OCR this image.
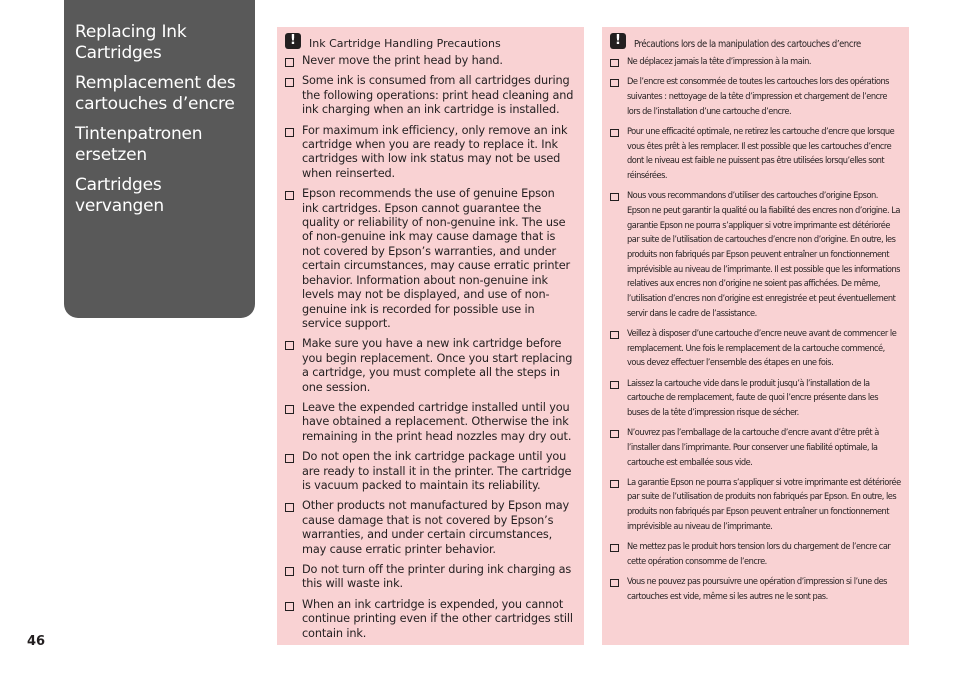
Replacing Ink Cartridges
Remplacement des cartouches d’encre
Tintenpatronen ersetzen
Cartridges vervangen
!	Ink Cartridge Handling Precautions
Never move the print head by hand.
Some ink is consumed from all cartridges during the following operations: print head cleaning and ink charging when an ink cartridge is installed.
For maximum ink efficiency, only remove an ink cartridge when you are ready to replace it. Ink cartridges with low ink status may not be used when reinserted.
Epson recommends the use of genuine Epson ink cartridges. Epson cannot guarantee the quality or reliability of non-genuine ink. The use of non-genuine ink may cause damage that is not covered by Epson’s warranties, and under certain circumstances, may cause erratic printer behavior. Information about non-genuine ink levels may not be displayed, and use of non-genuine ink is recorded for possible use in service support.
Make sure you have a new ink cartridge before you begin replacement. Once you start replacing a cartridge, you must complete all the steps in one session.
Leave the expended cartridge installed until you have obtained a replacement. Otherwise the ink remaining in the print head nozzles may dry out.
Do not open the ink cartridge package until you are ready to install it in the printer. The cartridge is vacuum packed to maintain its reliability.
Other products not manufactured by Epson may cause damage that is not covered by Epson’s warranties, and under certain circumstances, may cause erratic printer behavior.
Do not turn off the printer during ink charging as this will waste ink.
When an ink cartridge is expended, you cannot continue printing even if the other cartridges still contain ink.
!	Précautions lors de la manipulation des cartouches d’encre
Ne déplacez jamais la tête d’impression à la main.
De l’encre est consommée de toutes les cartouches lors des opérations suivantes : nettoyage de la tête d’impression et chargement de l’encre lors de l’installation d’une cartouche d’encre.
Pour une efficacité optimale, ne retirez les cartouche d’encre que lorsque vous êtes prêt à les remplacer. Il est possible que les cartouches d’encre dont le niveau est faible ne puissent pas être utilisées lorsqu’elles sont réinsérées.
Nous vous recommandons d’utiliser des cartouches d’origine Epson. Epson ne peut garantir la qualité ou la fiabilité des encres non d’origine. La garantie Epson ne pourra s’appliquer si votre imprimante est détériorée par suite de l’utilisation de cartouches d’encre non d’origine. En outre, les produits non fabriqués par Epson peuvent entraîner un fonctionnement imprévisible au niveau de l’imprimante. Il est possible que les informations relatives aux encres non d’origine ne soient pas affichées. De même, l’utilisation d’encres non d’origine est enregistrée et peut éventuellement servir dans le cadre de l’assistance.
Veillez à disposer d’une cartouche d’encre neuve avant de commencer le remplacement. Une fois le remplacement de la cartouche commencé, vous devez effectuer l’ensemble des étapes en une fois.
Laissez la cartouche vide dans le produit jusqu’à l’installation de la cartouche de remplacement, faute de quoi l’encre présente dans les buses de la tête d’impression risque de sécher.
N’ouvrez pas l’emballage de la cartouche d’encre avant d’être prêt à l’installer dans l’imprimante. Pour conserver une fiabilité optimale, la cartouche est emballée sous vide.
La garantie Epson ne pourra s’appliquer si votre imprimante est détériorée par suite de l’utilisation de produits non fabriqués par Epson. En outre, les produits non fabriqués par Epson peuvent entraîner un fonctionnement imprévisible au niveau de l’imprimante.
Ne mettez pas le produit hors tension lors du chargement de l’encre car cette opération consomme de l’encre.
Vous ne pouvez pas poursuivre une opération d’impression si l’une des cartouches est vide, même si les autres ne le sont pas.
46
